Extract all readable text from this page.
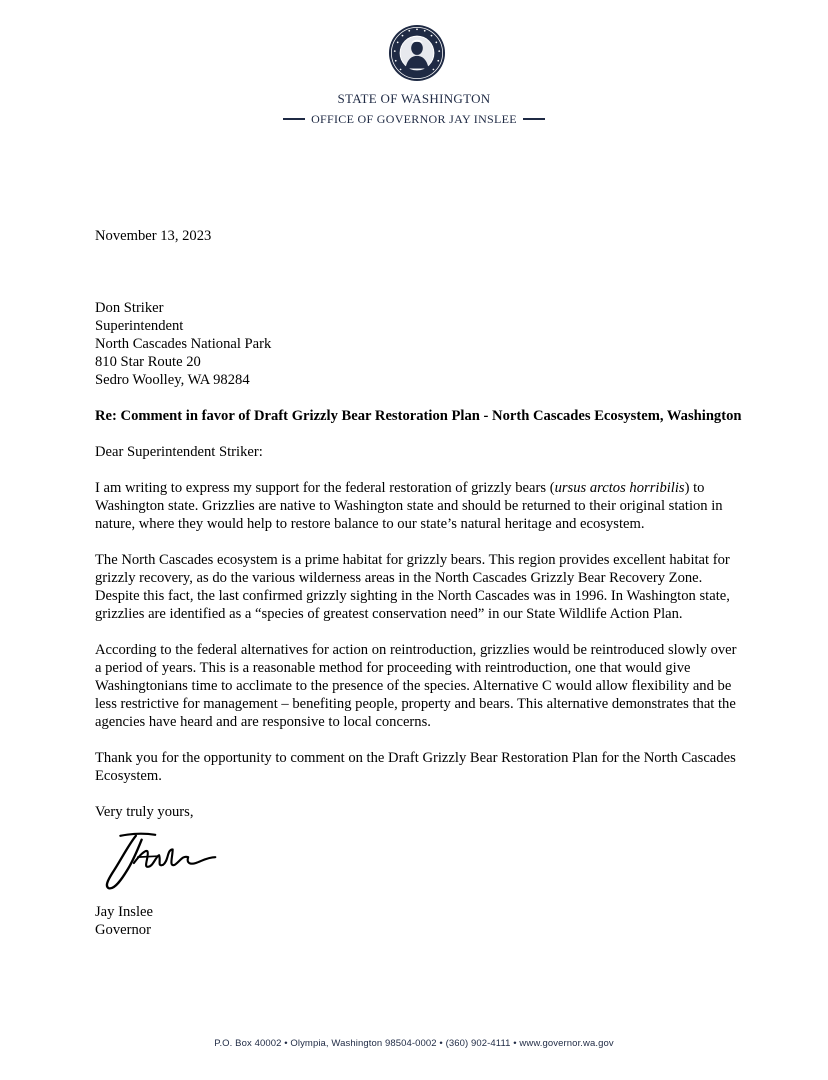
STATE OF WASHINGTON
OFFICE OF GOVERNOR JAY INSLEE

November 13, 2023

Don Striker
Superintendent
North Cascades National Park
810 Star Route 20
Sedro Woolley, WA 98284

Re: Comment in favor of Draft Grizzly Bear Restoration Plan - North Cascades Ecosystem, Washington

Dear Superintendent Striker:

I am writing to express my support for the federal restoration of grizzly bears (ursus arctos horribilis) to Washington state. Grizzlies are native to Washington state and should be returned to their original station in nature, where they would help to restore balance to our state’s natural heritage and ecosystem.

The North Cascades ecosystem is a prime habitat for grizzly bears. This region provides excellent habitat for grizzly recovery, as do the various wilderness areas in the North Cascades Grizzly Bear Recovery Zone. Despite this fact, the last confirmed grizzly sighting in the North Cascades was in 1996. In Washington state, grizzlies are identified as a “species of greatest conservation need” in our State Wildlife Action Plan.

According to the federal alternatives for action on reintroduction, grizzlies would be reintroduced slowly over a period of years. This is a reasonable method for proceeding with reintroduction, one that would give Washingtonians time to acclimate to the presence of the species. Alternative C would allow flexibility and be less restrictive for management – benefiting people, property and bears. This alternative demonstrates that the agencies have heard and are responsive to local concerns.

Thank you for the opportunity to comment on the Draft Grizzly Bear Restoration Plan for the North Cascades Ecosystem.

Very truly yours,

Jay Inslee
Governor
P.O. Box 40002 • Olympia, Washington 98504-0002 • (360) 902-4111 • www.governor.wa.gov
